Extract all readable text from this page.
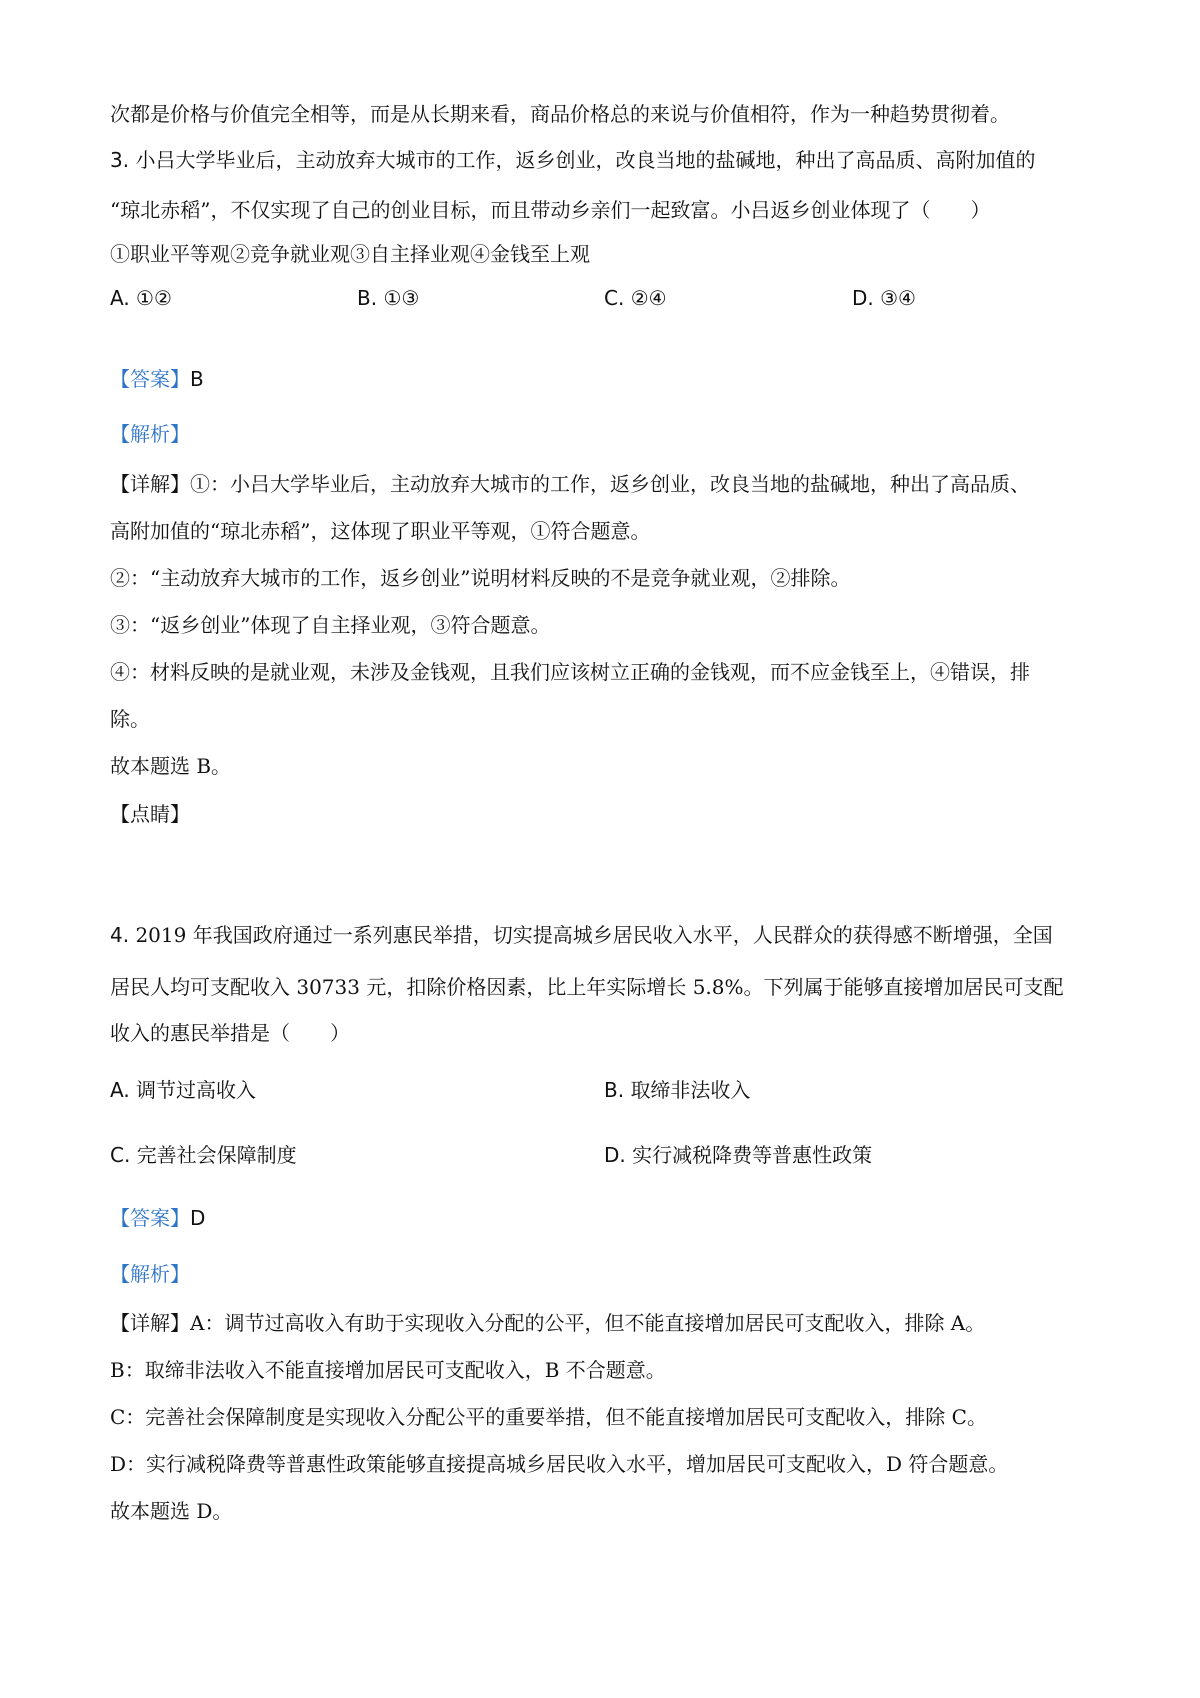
次都是价格与价值完全相等，而是从长期来看，商品价格总的来说与价值相符，作为一种趋势贯彻着。
3. 小吕大学毕业后，主动放弃大城市的工作，返乡创业，改良当地的盐碱地，种出了高品质、高附加值的
“琼北赤稻”，不仅实现了自己的创业目标，而且带动乡亲们一起致富。小吕返乡创业体现了（　　）
①职业平等观②竞争就业观③自主择业观④金钱至上观
A. ①②	B. ①③	C. ②④	D. ③④
【答案】B
【解析】
【详解】①：小吕大学毕业后，主动放弃大城市的工作，返乡创业，改良当地的盐碱地，种出了高品质、
高附加值的“琼北赤稻”，这体现了职业平等观，①符合题意。
②：“主动放弃大城市的工作，返乡创业”说明材料反映的不是竞争就业观，②排除。
③：“返乡创业”体现了自主择业观，③符合题意。
④：材料反映的是就业观，未涉及金钱观，且我们应该树立正确的金钱观，而不应金钱至上，④错误，排
除。
故本题选 B。
【点睛】
4. 2019 年我国政府通过一系列惠民举措，切实提高城乡居民收入水平，人民群众的获得感不断增强，全国
居民人均可支配收入 30733 元，扣除价格因素，比上年实际增长 5.8%。下列属于能够直接增加居民可支配
收入的惠民举措是（　　）
A. 调节过高收入	B. 取缔非法收入
C. 完善社会保障制度	D. 实行减税降费等普惠性政策
【答案】D
【解析】
【详解】A：调节过高收入有助于实现收入分配的公平，但不能直接增加居民可支配收入，排除 A。
B：取缔非法收入不能直接增加居民可支配收入，B 不合题意。
C：完善社会保障制度是实现收入分配公平的重要举措，但不能直接增加居民可支配收入，排除 C。
D：实行减税降费等普惠性政策能够直接提高城乡居民收入水平，增加居民可支配收入，D 符合题意。
故本题选 D。
